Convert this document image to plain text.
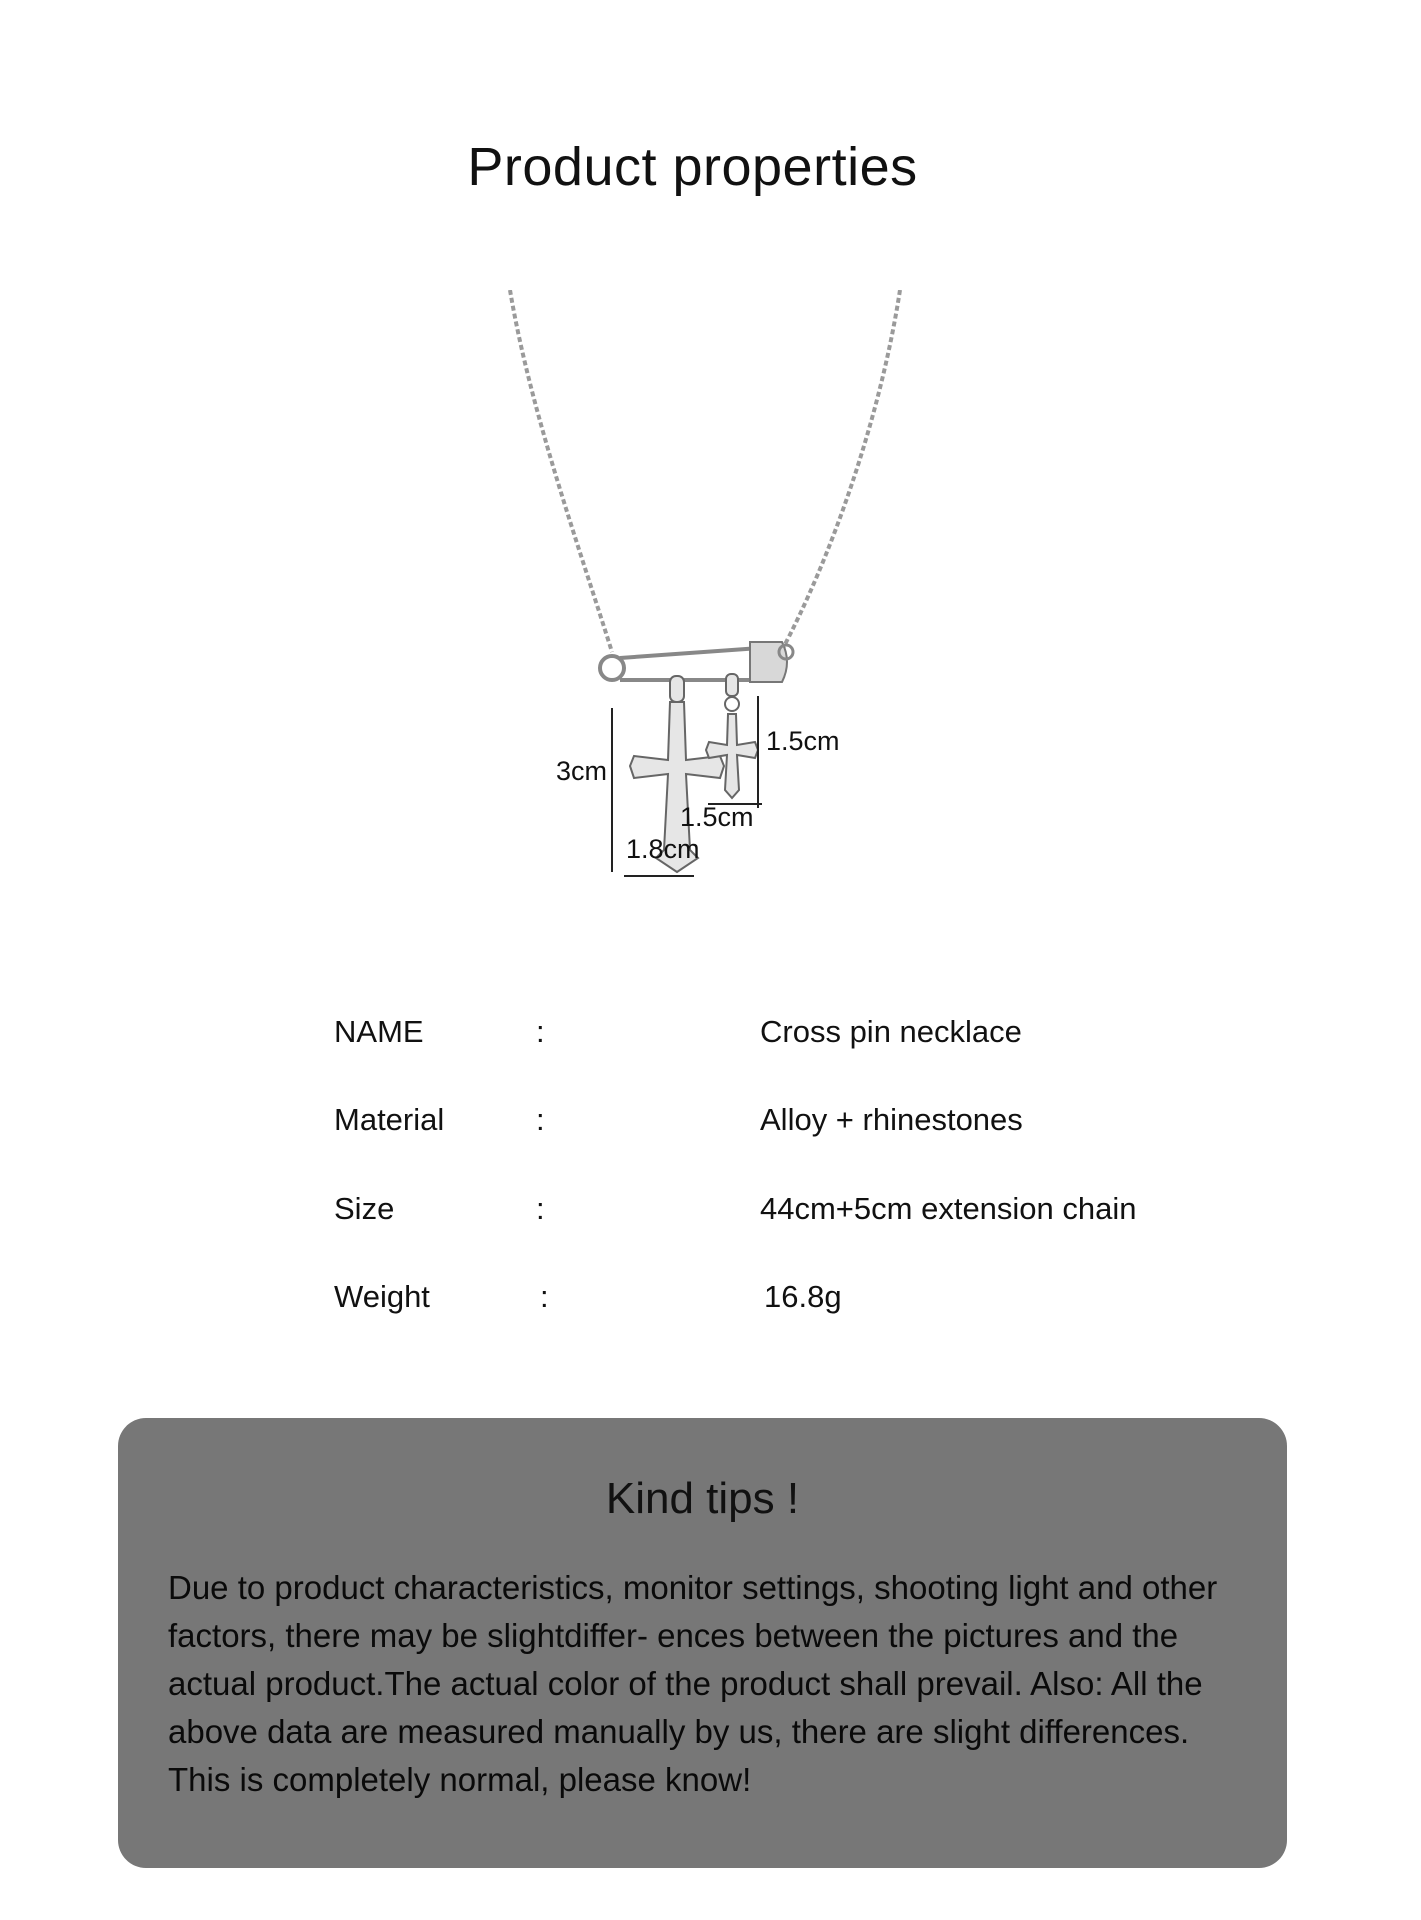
Product properties
3cm
1.8cm
1.5cm
1.5cm
NAME	:	Cross pin necklace
Material	:	Alloy + rhinestones
Size	:	44cm+5cm extension chain
Weight	:	16.8g
Kind tips !

Due to product characteristics, monitor settings, shooting light and other factors, there may be slightdiffer- ences between the pictures and the actual product.The actual color of the product shall prevail. Also: All the above data are measured manually by us, there are slight differences. This is completely normal, please know!
